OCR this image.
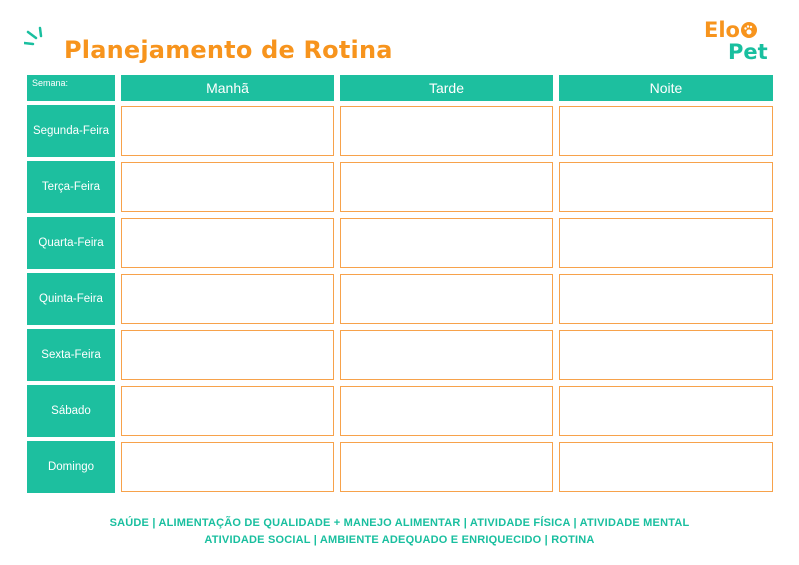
Planejamento de Rotina
Elo
Pet
Semana:	Manhã	Tarde	Noite
Segunda-Feira
Terça-Feira
Quarta-Feira
Quinta-Feira
Sexta-Feira
Sábado
Domingo
SAÚDE | ALIMENTAÇÃO DE QUALIDADE + MANEJO ALIMENTAR | ATIVIDADE FÍSICA | ATIVIDADE MENTAL
ATIVIDADE SOCIAL | AMBIENTE ADEQUADO E ENRIQUECIDO | ROTINA
